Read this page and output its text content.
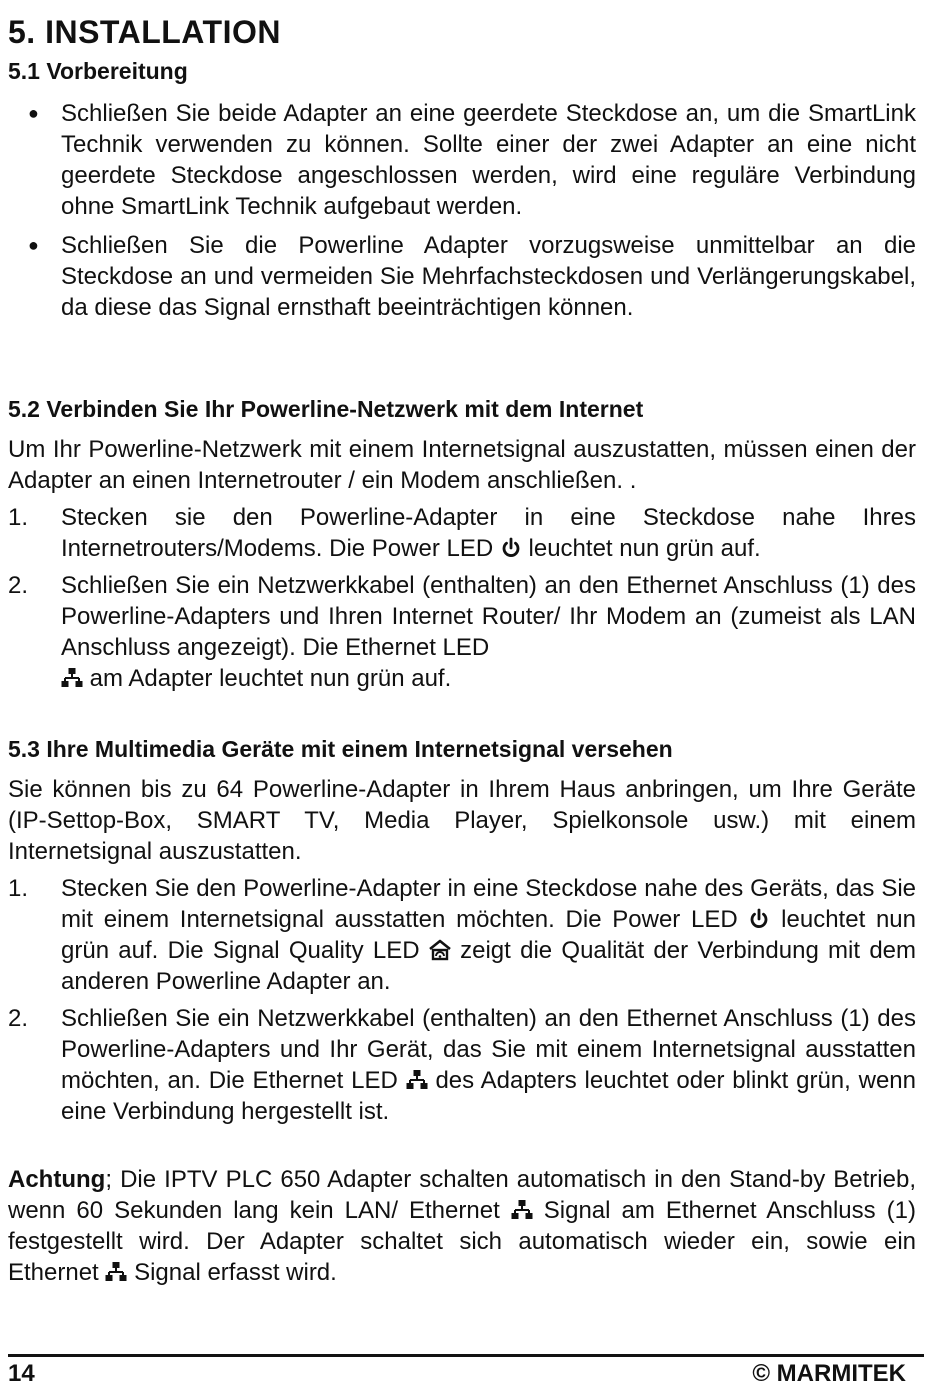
5. INSTALLATION
5.1 Vorbereitung
● Schließen Sie beide Adapter an eine geerdete Steckdose an, um die SmartLink Technik verwenden zu können. Sollte einer der zwei Adapter an eine nicht geerdete Steckdose angeschlossen werden, wird eine reguläre Verbindung ohne SmartLink Technik aufgebaut werden.
● Schließen Sie die Powerline Adapter vorzugsweise unmittelbar an die Steckdose an und vermeiden Sie Mehrfachsteckdosen und Verlängerungskabel, da diese das Signal ernsthaft beeinträchtigen können.
5.2 Verbinden Sie Ihr Powerline-Netzwerk mit dem Internet
Um Ihr Powerline-Netzwerk mit einem Internetsignal auszustatten, müssen einen der Adapter an einen Internetrouter / ein Modem anschließen. .
1. Stecken sie den Powerline-Adapter in eine Steckdose nahe Ihres Internetrouters/Modems. Die Power LED leuchtet nun grün auf.
2. Schließen Sie ein Netzwerkkabel (enthalten) an den Ethernet Anschluss (1) des Powerline-Adapters und Ihren Internet Router/ Ihr Modem an (zumeist als LAN Anschluss angezeigt). Die Ethernet LED
am Adapter leuchtet nun grün auf.
5.3 Ihre Multimedia Geräte mit einem Internetsignal versehen
Sie können bis zu 64 Powerline-Adapter in Ihrem Haus anbringen, um Ihre Geräte (IP-Settop-Box, SMART TV, Media Player, Spielkonsole usw.) mit einem Internetsignal auszustatten.
1. Stecken Sie den Powerline-Adapter in eine Steckdose nahe des Geräts, das Sie mit einem Internetsignal ausstatten möchten. Die Power LED leuchtet nun grün auf. Die Signal Quality LED zeigt die Qualität der Verbindung mit dem anderen Powerline Adapter an.
2. Schließen Sie ein Netzwerkkabel (enthalten) an den Ethernet Anschluss (1) des Powerline-Adapters und Ihr Gerät, das Sie mit einem Internetsignal ausstatten möchten, an. Die Ethernet LED des Adapters leuchtet oder blinkt grün, wenn eine Verbindung hergestellt ist.
Achtung; Die IPTV PLC 650 Adapter schalten automatisch in den Stand-by Betrieb, wenn 60 Sekunden lang kein LAN/ Ethernet Signal am Ethernet Anschluss (1) festgestellt wird. Der Adapter schaltet sich automatisch wieder ein, sowie ein Ethernet Signal erfasst wird.
14	© MARMITEK
